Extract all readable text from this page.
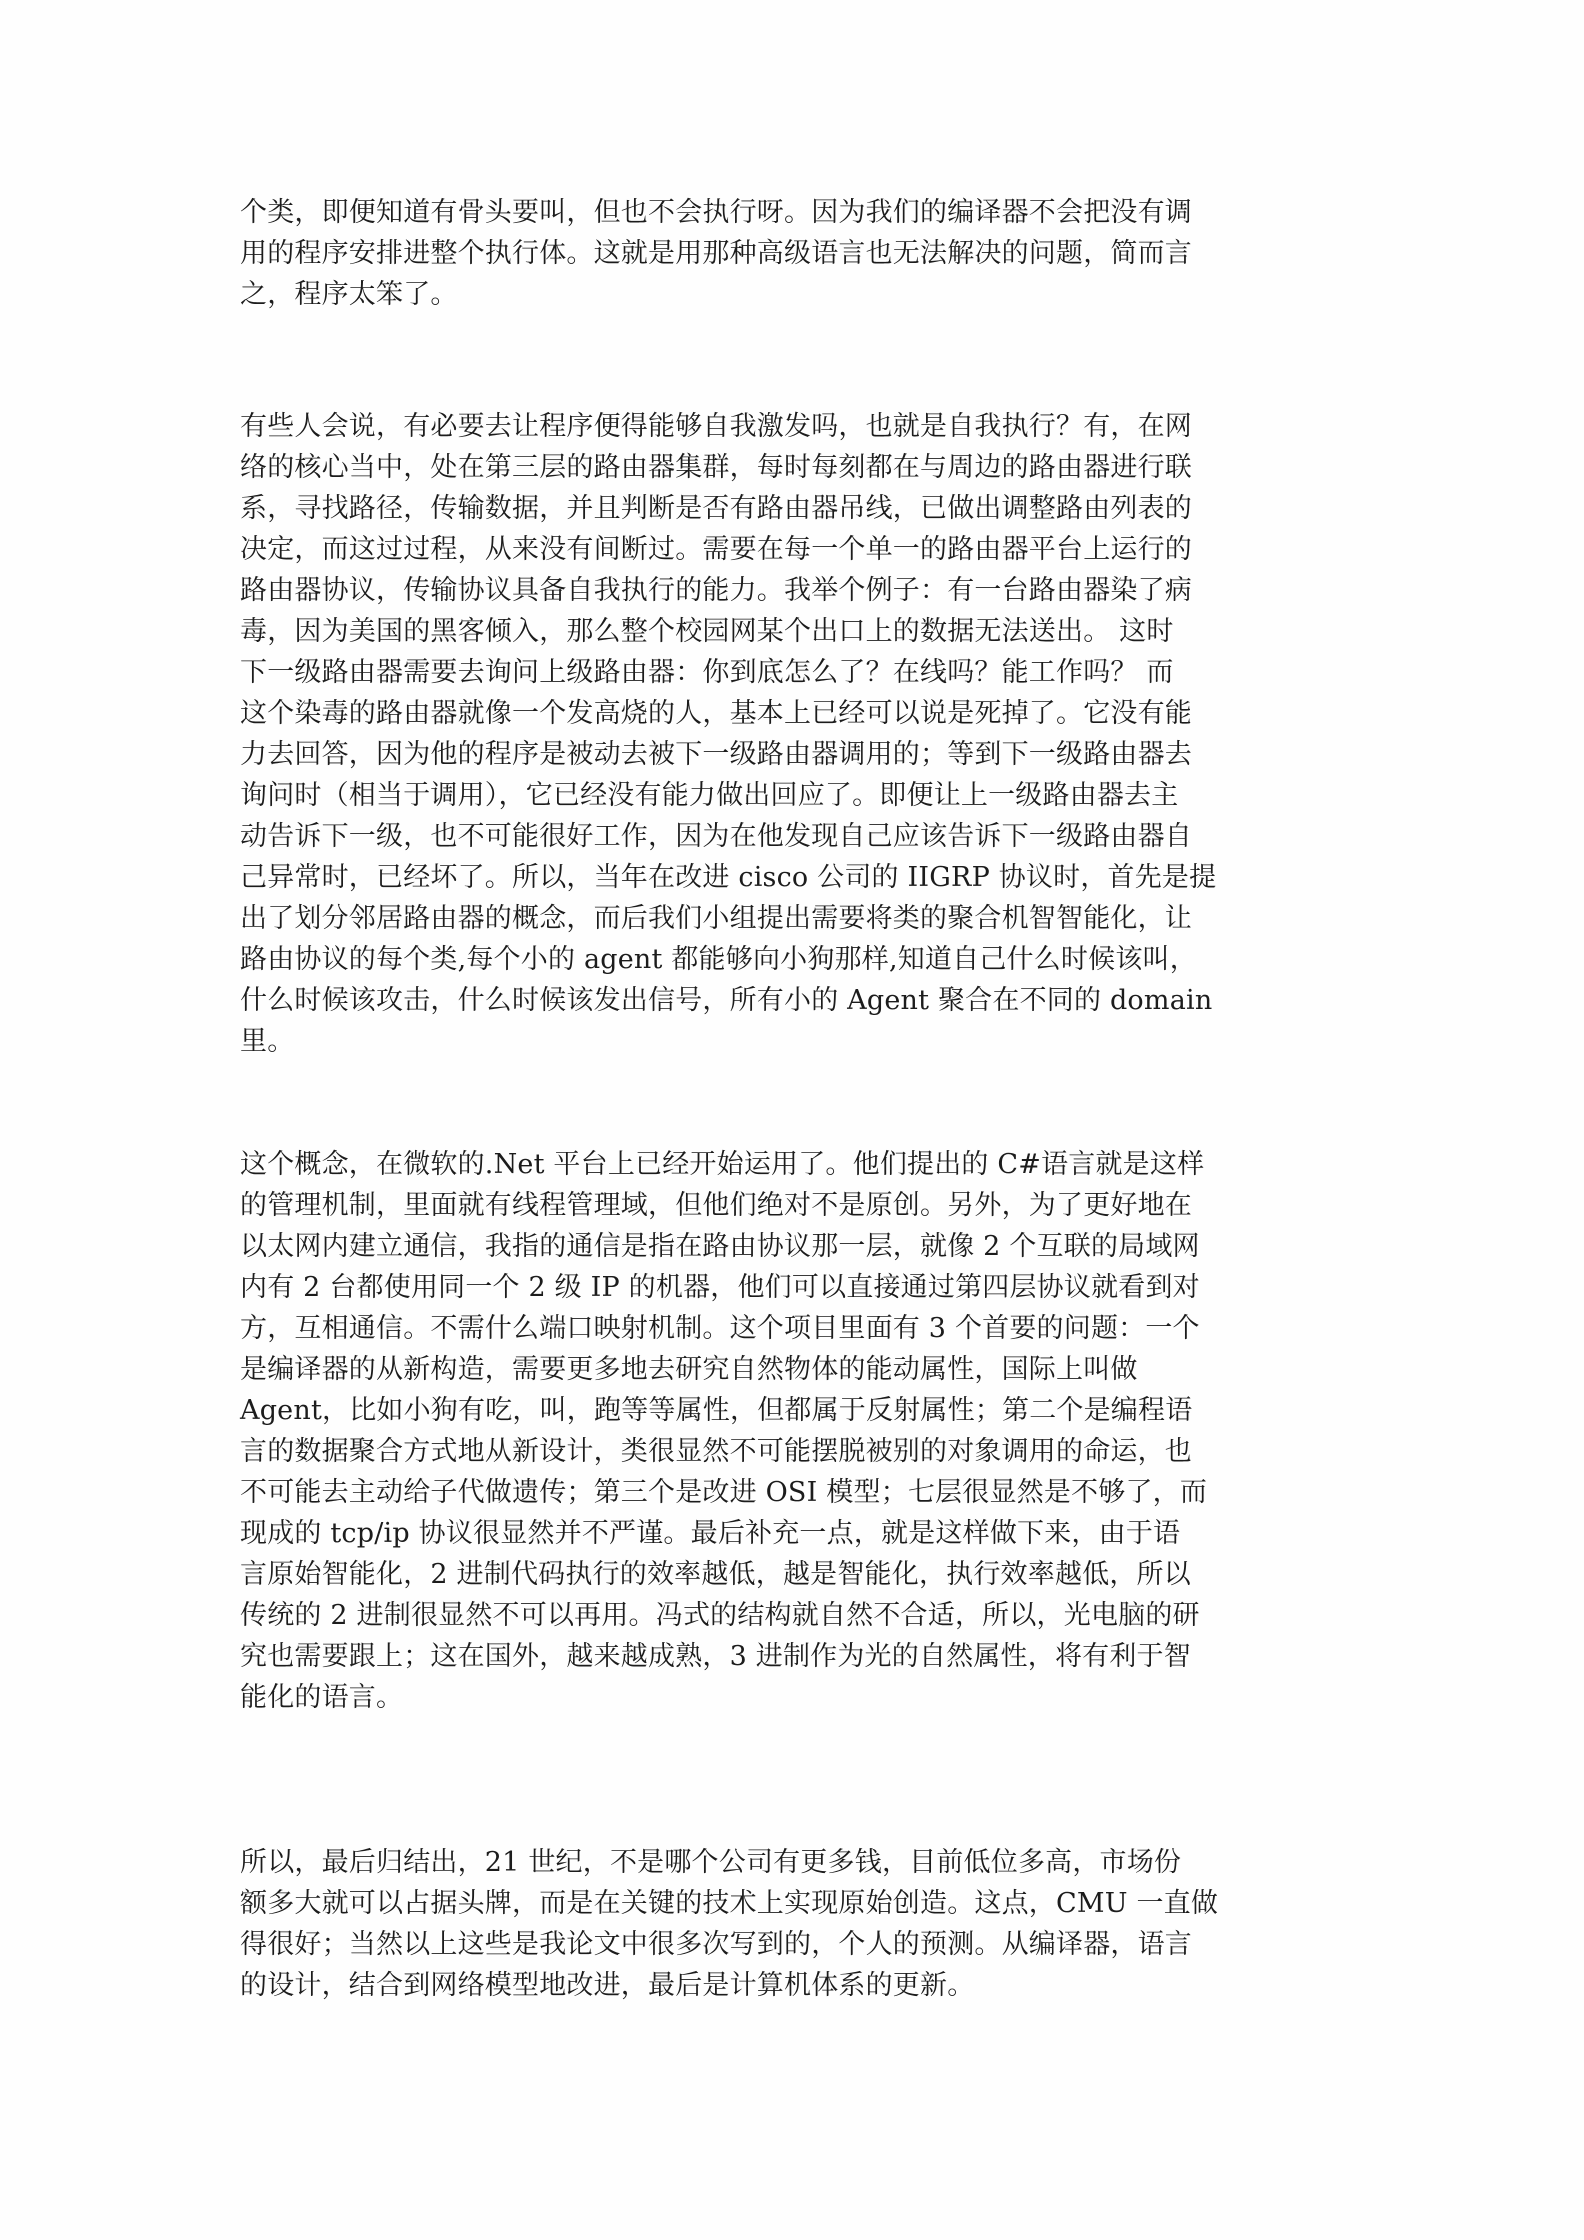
个类，即便知道有骨头要叫，但也不会执行呀。因为我们的编译器不会把没有调
用的程序安排进整个执行体。这就是用那种高级语言也无法解决的问题，简而言
之，程序太笨了。
有些人会说，有必要去让程序便得能够自我激发吗，也就是自我执行？有，在网
络的核心当中，处在第三层的路由器集群，每时每刻都在与周边的路由器进行联
系，寻找路径，传输数据，并且判断是否有路由器吊线，已做出调整路由列表的
决定，而这过过程，从来没有间断过。需要在每一个单一的路由器平台上运行的
路由器协议，传输协议具备自我执行的能力。我举个例子：有一台路由器染了病
毒，因为美国的黑客倾入，那么整个校园网某个出口上的数据无法送出。 这时
下一级路由器需要去询问上级路由器：你到底怎么了？在线吗？能工作吗？ 而
这个染毒的路由器就像一个发高烧的人，基本上已经可以说是死掉了。它没有能
力去回答，因为他的程序是被动去被下一级路由器调用的；等到下一级路由器去
询问时（相当于调用），它已经没有能力做出回应了。即便让上一级路由器去主
动告诉下一级，也不可能很好工作，因为在他发现自己应该告诉下一级路由器自
己异常时，已经坏了。所以，当年在改进 cisco 公司的 IIGRP 协议时，首先是提
出了划分邻居路由器的概念，而后我们小组提出需要将类的聚合机智智能化，让
路由协议的每个类,每个小的 agent 都能够向小狗那样,知道自己什么时候该叫，
什么时候该攻击，什么时候该发出信号，所有小的 Agent 聚合在不同的 domain
里。
这个概念，在微软的.Net 平台上已经开始运用了。他们提出的 C#语言就是这样
的管理机制，里面就有线程管理域，但他们绝对不是原创。另外，为了更好地在
以太网内建立通信，我指的通信是指在路由协议那一层，就像 2 个互联的局域网
内有 2 台都使用同一个 2 级 IP 的机器，他们可以直接通过第四层协议就看到对
方，互相通信。不需什么端口映射机制。这个项目里面有 3 个首要的问题：一个
是编译器的从新构造，需要更多地去研究自然物体的能动属性，国际上叫做
Agent，比如小狗有吃，叫，跑等等属性，但都属于反射属性；第二个是编程语
言的数据聚合方式地从新设计，类很显然不可能摆脱被别的对象调用的命运，也
不可能去主动给子代做遗传；第三个是改进 OSI 模型；七层很显然是不够了，而
现成的 tcp/ip 协议很显然并不严谨。最后补充一点，就是这样做下来，由于语
言原始智能化，2 进制代码执行的效率越低，越是智能化，执行效率越低，所以
传统的 2 进制很显然不可以再用。冯式的结构就自然不合适，所以，光电脑的研
究也需要跟上；这在国外，越来越成熟，3 进制作为光的自然属性，将有利于智
能化的语言。
所以，最后归结出，21 世纪，不是哪个公司有更多钱，目前低位多高，市场份
额多大就可以占据头牌，而是在关键的技术上实现原始创造。这点，CMU 一直做
得很好；当然以上这些是我论文中很多次写到的，个人的预测。从编译器，语言
的设计，结合到网络模型地改进，最后是计算机体系的更新。
